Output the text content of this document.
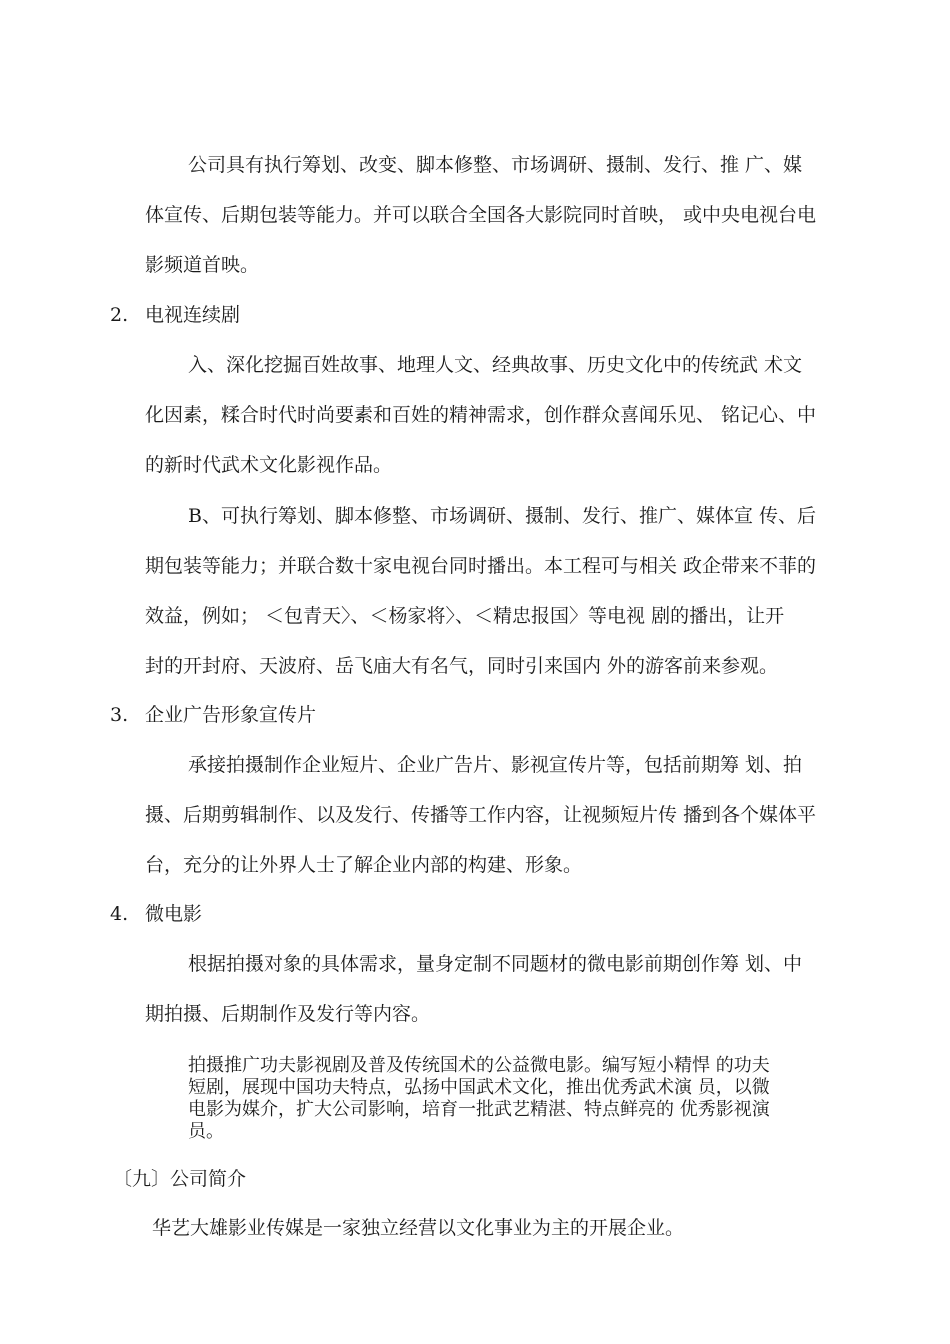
公司具有执行筹划、改变、脚本修整、市场调研、摄制、发行、推 广、媒
体宣传、后期包装等能力。并可以联合全国各大影院同时首映， 或中央电视台电
影频道首映。
2. 电视连续剧
入、深化挖掘百姓故事、地理人文、经典故事、历史文化中的传统武 术文
化因素，糅合时代时尚要素和百姓的精神需求，创作群众喜闻乐见、 铭记心、中
的新时代武术文化影视作品。
B、可执行筹划、脚本修整、市场调研、摄制、发行、推广、媒体宣 传、后
期包装等能力；并联合数十家电视台同时播出。本工程可与相关 政企带来不菲的
效益，例如； ＜包青天〉、＜杨家将〉、＜精忠报国〉等电视 剧的播出，让开
封的开封府、天波府、岳飞庙大有名气，同时引来国内 外的游客前来参观。
3. 企业广告形象宣传片
承接拍摄制作企业短片、企业广告片、影视宣传片等，包括前期筹 划、拍
摄、后期剪辑制作、以及发行、传播等工作内容，让视频短片传 播到各个媒体平
台，充分的让外界人士了解企业内部的构建、形象。
4. 微电影
根据拍摄对象的具体需求，量身定制不同题材的微电影前期创作筹 划、中
期拍摄、后期制作及发行等内容。
拍摄推广功夫影视剧及普及传统国术的公益微电影。编写短小精悍 的功夫
短剧，展现中国功夫特点，弘扬中国武术文化，推出优秀武术演 员，以微
电影为媒介，扩大公司影响，培育一批武艺精湛、特点鲜亮的 优秀影视演
员。
〔九〕公司简介
华艺大雄影业传媒是一家独立经营以文化事业为主的开展企业。
